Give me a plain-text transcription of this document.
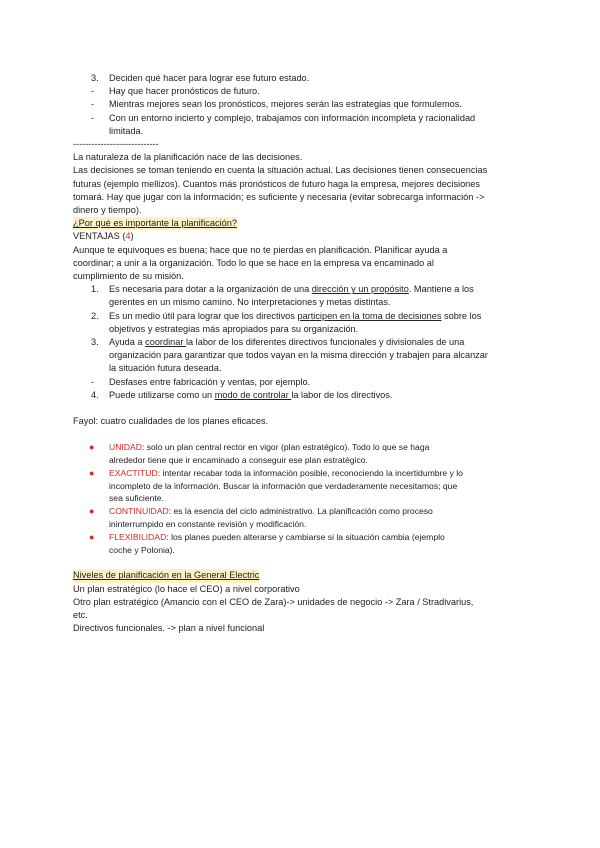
3. Deciden qué hacer para lograr ese futuro estado.
- Hay que hacer pronósticos de futuro.
- Mientras mejores sean los pronósticos, mejores serán las estrategias que formulemos.
- Con un entorno incierto y complejo, trabajamos con información incompleta y racionalidad
limitada.

----------------------------

La naturaleza de la planificación nace de las decisiones.

Las decisiones se toman teniendo en cuenta la situación actual. Las decisiones tienen consecuencias
futuras (ejemplo mellizos). Cuantos más pronósticos de futuro haga la empresa, mejores decisiones
tomará. Hay que jugar con la información; es suficiente y necesaria (evitar sobrecarga información ->
dinero y tiempo).

¿Por qué es importante la planificación?

VENTAJAS (4)

Aunque te equivoques es buena; hace que no te pierdas en planificación. Planificar ayuda a
coordinar; a unir a la organización. Todo lo que se hace en la empresa va encaminado al
cumplimiento de su misión.

1. Es necesaria para dotar a la organización de una dirección y un propósito. Mantiene a los
gerentes en un mismo camino. No interpretaciones y metas distintas.
2. Es un medio útil para lograr que los directivos participen en la toma de decisiones sobre los
objetivos y estrategias más apropiados para su organización.
3. Ayuda a coordinar la labor de los diferentes directivos funcionales y divisionales de una
organización para garantizar que todos vayan en la misma dirección y trabajen para alcanzar
la situación futura deseada.
- Desfases entre fabricación y ventas, por ejemplo.
4. Puede utilizarse como un modo de controlar la labor de los directivos.

Fayol: cuatro cualidades de los planes eficaces.

● UNIDAD: solo un plan central rector en vigor (plan estratégico). Todo lo que se haga
alrededor tiene que ir encaminado a conseguir ese plan estratégico.
● EXACTITUD: intentar recabar toda la información posible, reconociendo la incertidumbre y lo
incompleto de la información. Buscar la información que verdaderamente necesitamos; que
sea suficiente.
● CONTINUIDAD: es la esencia del ciclo administrativo. La planificación como proceso
ininterrumpido en constante revisión y modificación.
● FLEXIBILIDAD: los planes pueden alterarse y cambiarse si la situación cambia (ejemplo
coche y Polonia).

Niveles de planificación en la General Electric

Un plan estratégico (lo hace el CEO) a nivel corporativo

Otro plan estratégico (Amancio con el CEO de Zara)-> unidades de negocio -> Zara / Stradivarius,
etc.

Directivos funcionales. -> plan a nivel funcional
